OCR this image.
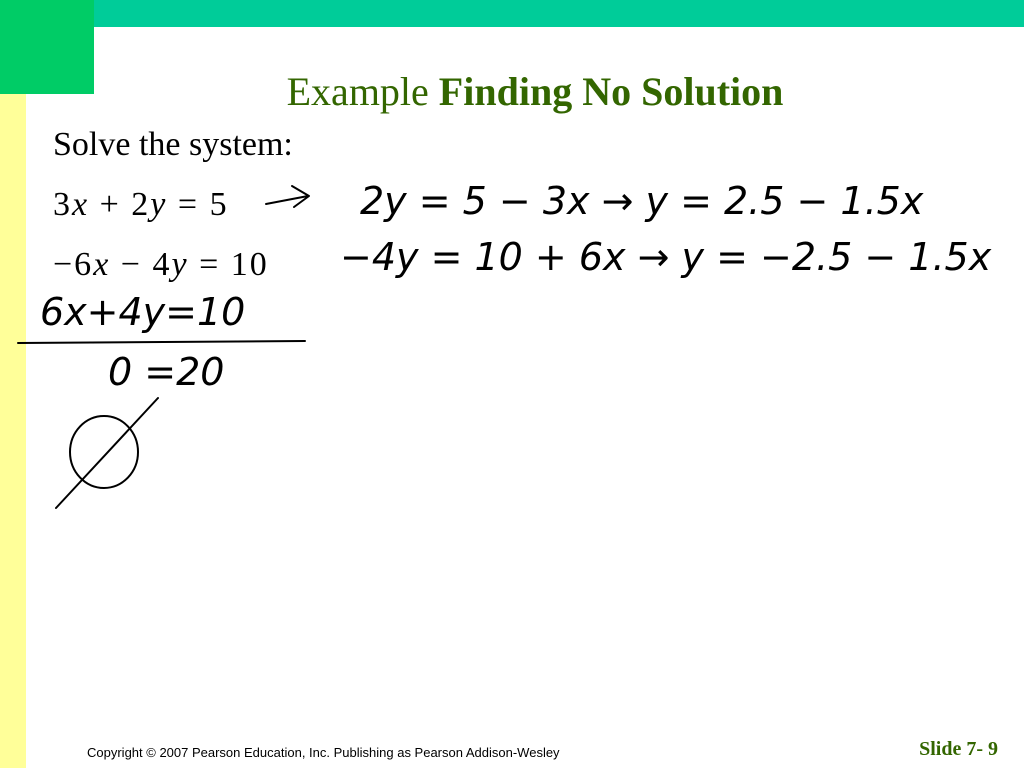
Example Finding No Solution
Solve the system:
3x + 2y = 5
−6x − 4y = 10
2y = 5 − 3x → y = 2.5 − 1.5x
−4y = 10 + 6x → y = −2.5 − 1.5x
6x+4y=10
0 =20
Copyright © 2007 Pearson Education, Inc. Publishing as Pearson Addison-Wesley	Slide 7- 9
